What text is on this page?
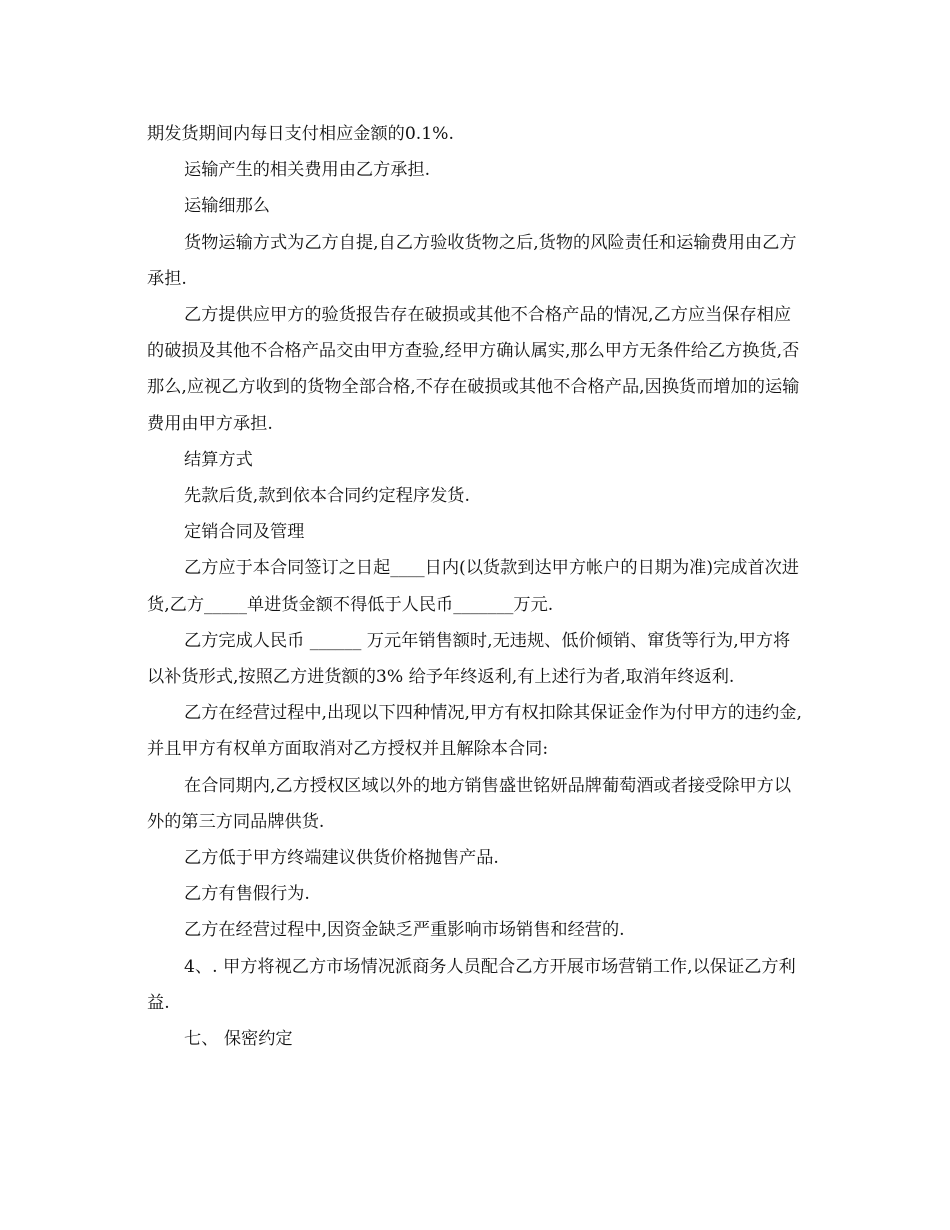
期发货期间内每日支付相应金额的0.1%.

运输产生的相关费用由乙方承担.

运输细那么

货物运输方式为乙方自提,自乙方验收货物之后,货物的风险责任和运输费用由乙方承担.

乙方提供应甲方的验货报告存在破损或其他不合格产品的情况,乙方应当保存相应的破损及其他不合格产品交由甲方查验,经甲方确认属实,那么甲方无条件给乙方换货,否那么,应视乙方收到的货物全部合格,不存在破损或其他不合格产品,因换货而增加的运输费用由甲方承担.

结算方式

先款后货,款到依本合同约定程序发货.

定销合同及管理

乙方应于本合同签订之日起____日内(以货款到达甲方帐户的日期为准)完成首次进货,乙方_____单进货金额不得低于人民币_______万元.

乙方完成人民币 ______ 万元年销售额时,无违规、低价倾销、窜货等行为,甲方将以补货形式,按照乙方进货额的3% 给予年终返利,有上述行为者,取消年终返利.

乙方在经营过程中,出现以下四种情况,甲方有权扣除其保证金作为付甲方的违约金,并且甲方有权单方面取消对乙方授权并且解除本合同:

在合同期内,乙方授权区域以外的地方销售盛世铭妍品牌葡萄酒或者接受除甲方以外的第三方同品牌供货.

乙方低于甲方终端建议供货价格抛售产品.

乙方有售假行为.

乙方在经营过程中,因资金缺乏严重影响市场销售和经营的.

4、. 甲方将视乙方市场情况派商务人员配合乙方开展市场营销工作,以保证乙方利益.

七、 保密约定
